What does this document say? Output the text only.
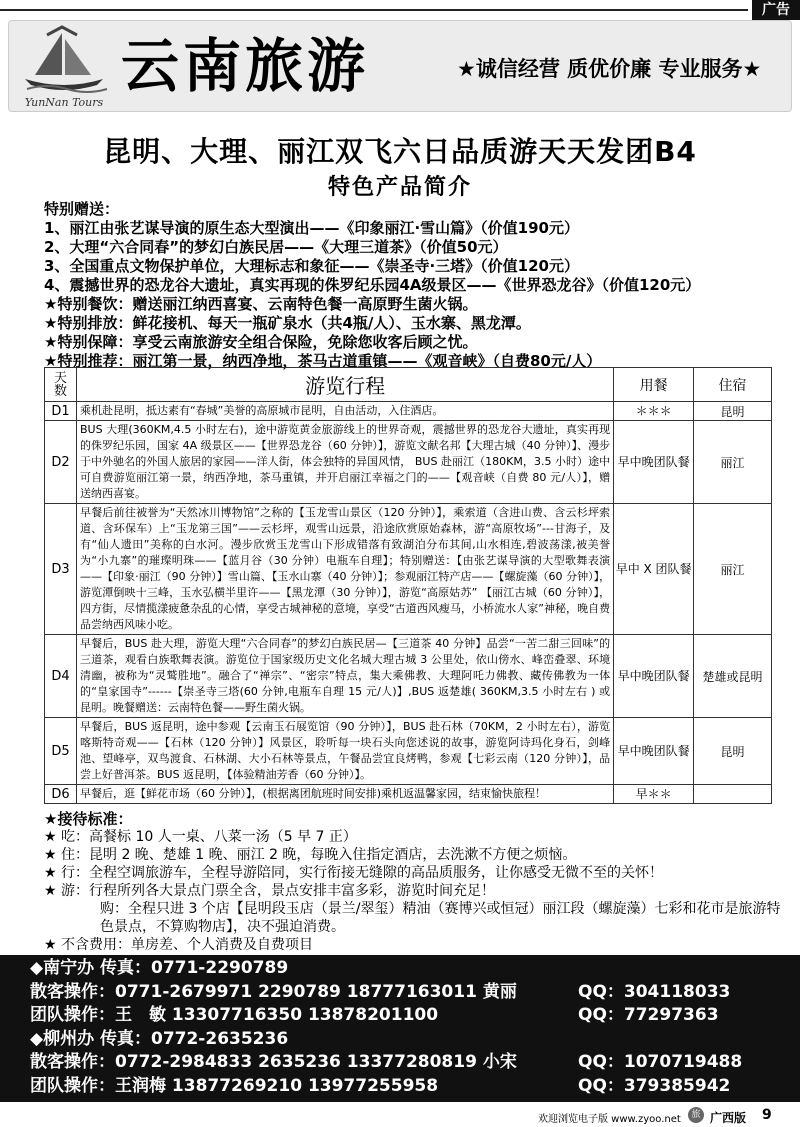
广告
YunNan Tours
云南旅游	★诚信经营 质优价廉 专业服务★
昆明、大理、丽江双飞六日品质游天天发团B4
特色产品简介
特别赠送：
1、丽江由张艺谋导演的原生态大型演出——《印象丽江·雪山篇》（价值190元）
2、大理“六合同春”的梦幻白族民居——《大理三道茶》（价值50元）
3、全国重点文物保护单位，大理标志和象征——《崇圣寺·三塔》（价值120元）
4、震撼世界的恐龙谷大遗址，真实再现的侏罗纪乐园4A级景区——《世界恐龙谷》（价值120元）
★特别餐饮：赠送丽江纳西喜宴、云南特色餐一高原野生菌火锅。
★特别排放：鲜花接机、每天一瓶矿泉水（共4瓶/人）、玉水寨、黑龙潭。
★特别保障：享受云南旅游安全组合保险，免除您收客后顾之忧。
★特别推荐：丽江第一景，纳西净地，茶马古道重镇——《观音峡》（自费80元/人）
天
数	游览行程	用餐	住宿
D1	乘机赴昆明，抵达素有“春城”美誉的高原城市昆明，自由活动，入住酒店。	＊＊＊	昆明
D2	BUS 大理(360KM,4.5 小时左右)，途中游览黄金旅游线上的世界奇观，震撼世界的恐龙谷大遗址，真实再现的侏罗纪乐园，国家 4A 级景区——【世界恐龙谷（60 分钟）】，游览文献名邦【大理古城（40 分钟）】、漫步于中外驰名的外国人旅居的家园——洋人街，体会独特的异国风情， BUS 赴丽江（180KM，3.5 小时）途中可自费游览丽江第一景，纳西净地，茶马重镇，并开启丽江幸福之门的——【观音峡（自费 80 元/人）】，赠送纳西喜宴。	早中晚团队餐	丽江
D3	早餐后前往被誉为“天然冰川博物馆”之称的【玉龙雪山景区（120 分钟）】，乘索道（含进山费、含云杉坪索道、含环保车）上“玉龙第三国”——云杉坪，观雪山远景，沿途欣赏原始森林，游“高原牧场”---甘海子，及有“仙人遗田”美称的白水河。漫步欣赏玉龙雪山下形成错落有致湖泊分布其间,山水相连,碧波荡漾,被美誉为“小九寨”的璀璨明珠——【蓝月谷（30 分钟）电瓶车自理】；特别赠送：【由张艺谋导演的大型歌舞表演——【印象·丽江（90 分钟）】雪山篇、【玉水山寨（40 分钟）】；参观丽江特产店——【螺旋藻（60 分钟）】，游览潭倒映十三峰，玉水弘横半里许——【黑龙潭（30 分钟）】，游览“高原姑苏” 【丽江古城（60 分钟）】，四方街，尽情揽漾疲惫杂乱的心情，享受古城神秘的意境，享受“古道西风瘦马，小桥流水人家”神秘，晚自费品尝纳西风味小吃。	早中 X 团队餐	丽江
D4	早餐后，BUS 赴大理，游览大理“六合同春”的梦幻白族民居—【三道茶 40 分钟】品尝“一苦二甜三回味”的三道茶，观看白族歌舞表演。游览位于国家级历史文化名城大理古城 3 公里处，依山傍水、峰峦叠翠、环境清幽，被称为“灵鹫胜地”。融合了“禅宗”、“密宗”特点，集大乘佛教、大理阿吒力佛教、藏传佛教为一体的“皇家国寺”------【崇圣寺三塔(60 分钟,电瓶车自理 15 元/人)】,BUS 返楚雄( 360KM,3.5 小时左右 ) 或昆明。晚餐赠送：云南特色餐——野生菌火锅。	早中晚团队餐	楚雄或昆明
D5	早餐后，BUS 返昆明，途中参观【云南玉石展览馆（90 分钟）】，BUS 赴石林（70KM，2 小时左右），游览喀斯特奇观——【石林（120 分钟）】风景区，聆听每一块石头向您述说的故事，游览阿诗玛化身石，剑峰池、望峰亭，双鸟渡食、石林湖、大小石林等景点，午餐品尝宜良烤鸭，参观【七彩云南（120 分钟）】，品尝上好普洱茶。BUS 返昆明，【体验精油芳香（60 分钟）】。	早中晚团队餐	昆明
D6	早餐后，逛【鲜花市场（60 分钟）】，(根据离团航班时间安排)乘机返温馨家园，结束愉快旅程！	早＊＊	
★接待标准：
★ 吃：高餐标 10 人一桌、八菜一汤（5 早 7 正）
★ 住：昆明 2 晚、楚雄 1 晚、丽江 2 晚，每晚入住指定酒店，去洗漱不方便之烦恼。
★ 行：全程空调旅游车，全程导游陪同，实行衔接无缝隙的高品质服务，让你感受无微不至的关怀！
★ 游：行程所列各大景点门票全含，景点安排丰富多彩，游览时间充足！
购：全程只进 3 个店【昆明段玉店（景兰/翠玺）精油（赛博兴或恒冠）丽江段（螺旋藻）七彩和花市是旅游特色景点，不算购物店】，决不强迫消费。
★ 不含费用：单房差、个人消费及自费项目
◆南宁办 传真：0771-2290789
散客操作：0771-2679971 2290789 18777163011 黄丽	QQ：304118033
团队操作：王　敏 13307716350 13878201100	QQ：77297363
◆柳州办 传真：0772-2635236
散客操作：0772-2984833 2635236 13377280819 小宋	QQ：1070719488
团队操作：王润梅 13877269210 13977255958	QQ：379385942
欢迎浏览电子版 www.zyoo.net	旅 广西版 9
